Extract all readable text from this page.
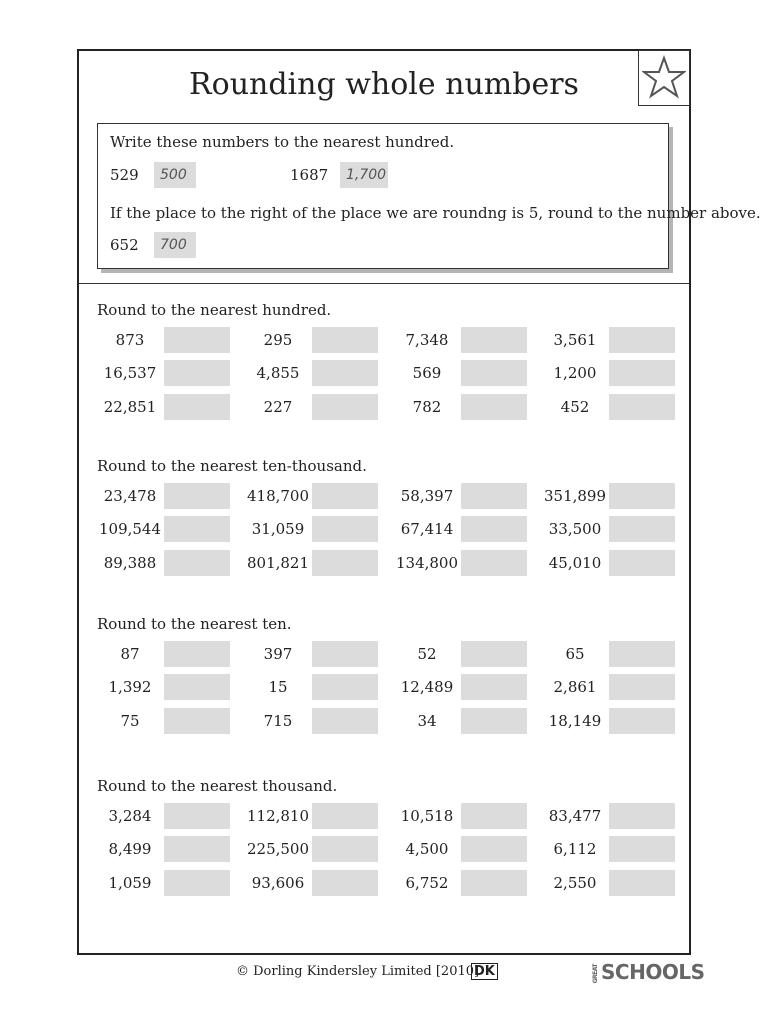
Rounding whole numbers
Write these numbers to the nearest hundred.
529	500	1687	1,700
If the place to the right of the place we are roundng is 5, round to the number above.
652	700
Round to the nearest hundred.
873	295	7,348	3,561
16,537	4,855	569	1,200
22,851	227	782	452
Round to the nearest ten-thousand.
23,478	418,700	58,397	351,899
109,544	31,059	67,414	33,500
89,388	801,821	134,800	45,010
Round to the nearest ten.
87	397	52	65
1,392	15	12,489	2,861
75	715	34	18,149
Round to the nearest thousand.
3,284	112,810	10,518	83,477
8,499	225,500	4,500	6,112
1,059	93,606	6,752	2,550
© Dorling Kindersley Limited [2010]
DK	GREAT SCHOOLS
